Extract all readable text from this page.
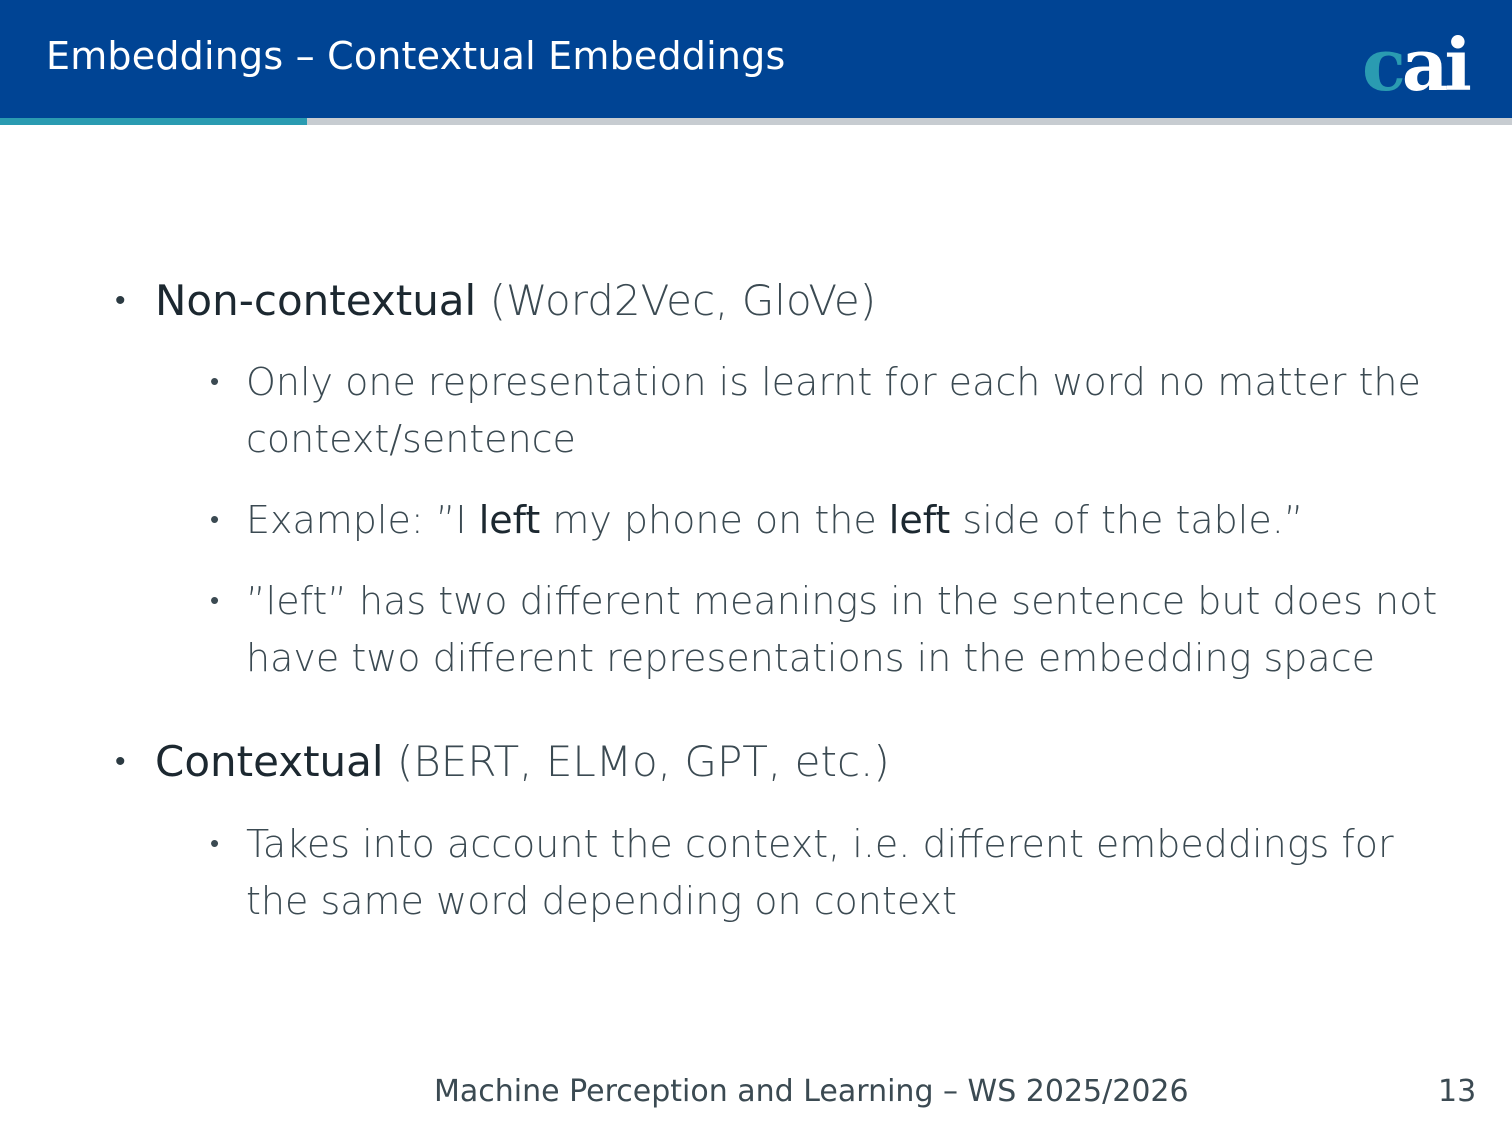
Embeddings – Contextual Embeddings	cai
• Non-contextual (Word2Vec, GloVe)
• Only one representation is learnt for each word no matter the
context/sentence
• Example: ”I left my phone on the left side of the table.”
• ”left” has two different meanings in the sentence but does not
have two different representations in the embedding space
• Contextual (BERT, ELMo, GPT, etc.)
• Takes into account the context, i.e. different embeddings for
the same word depending on context
Machine Perception and Learning – WS 2025/2026	13
